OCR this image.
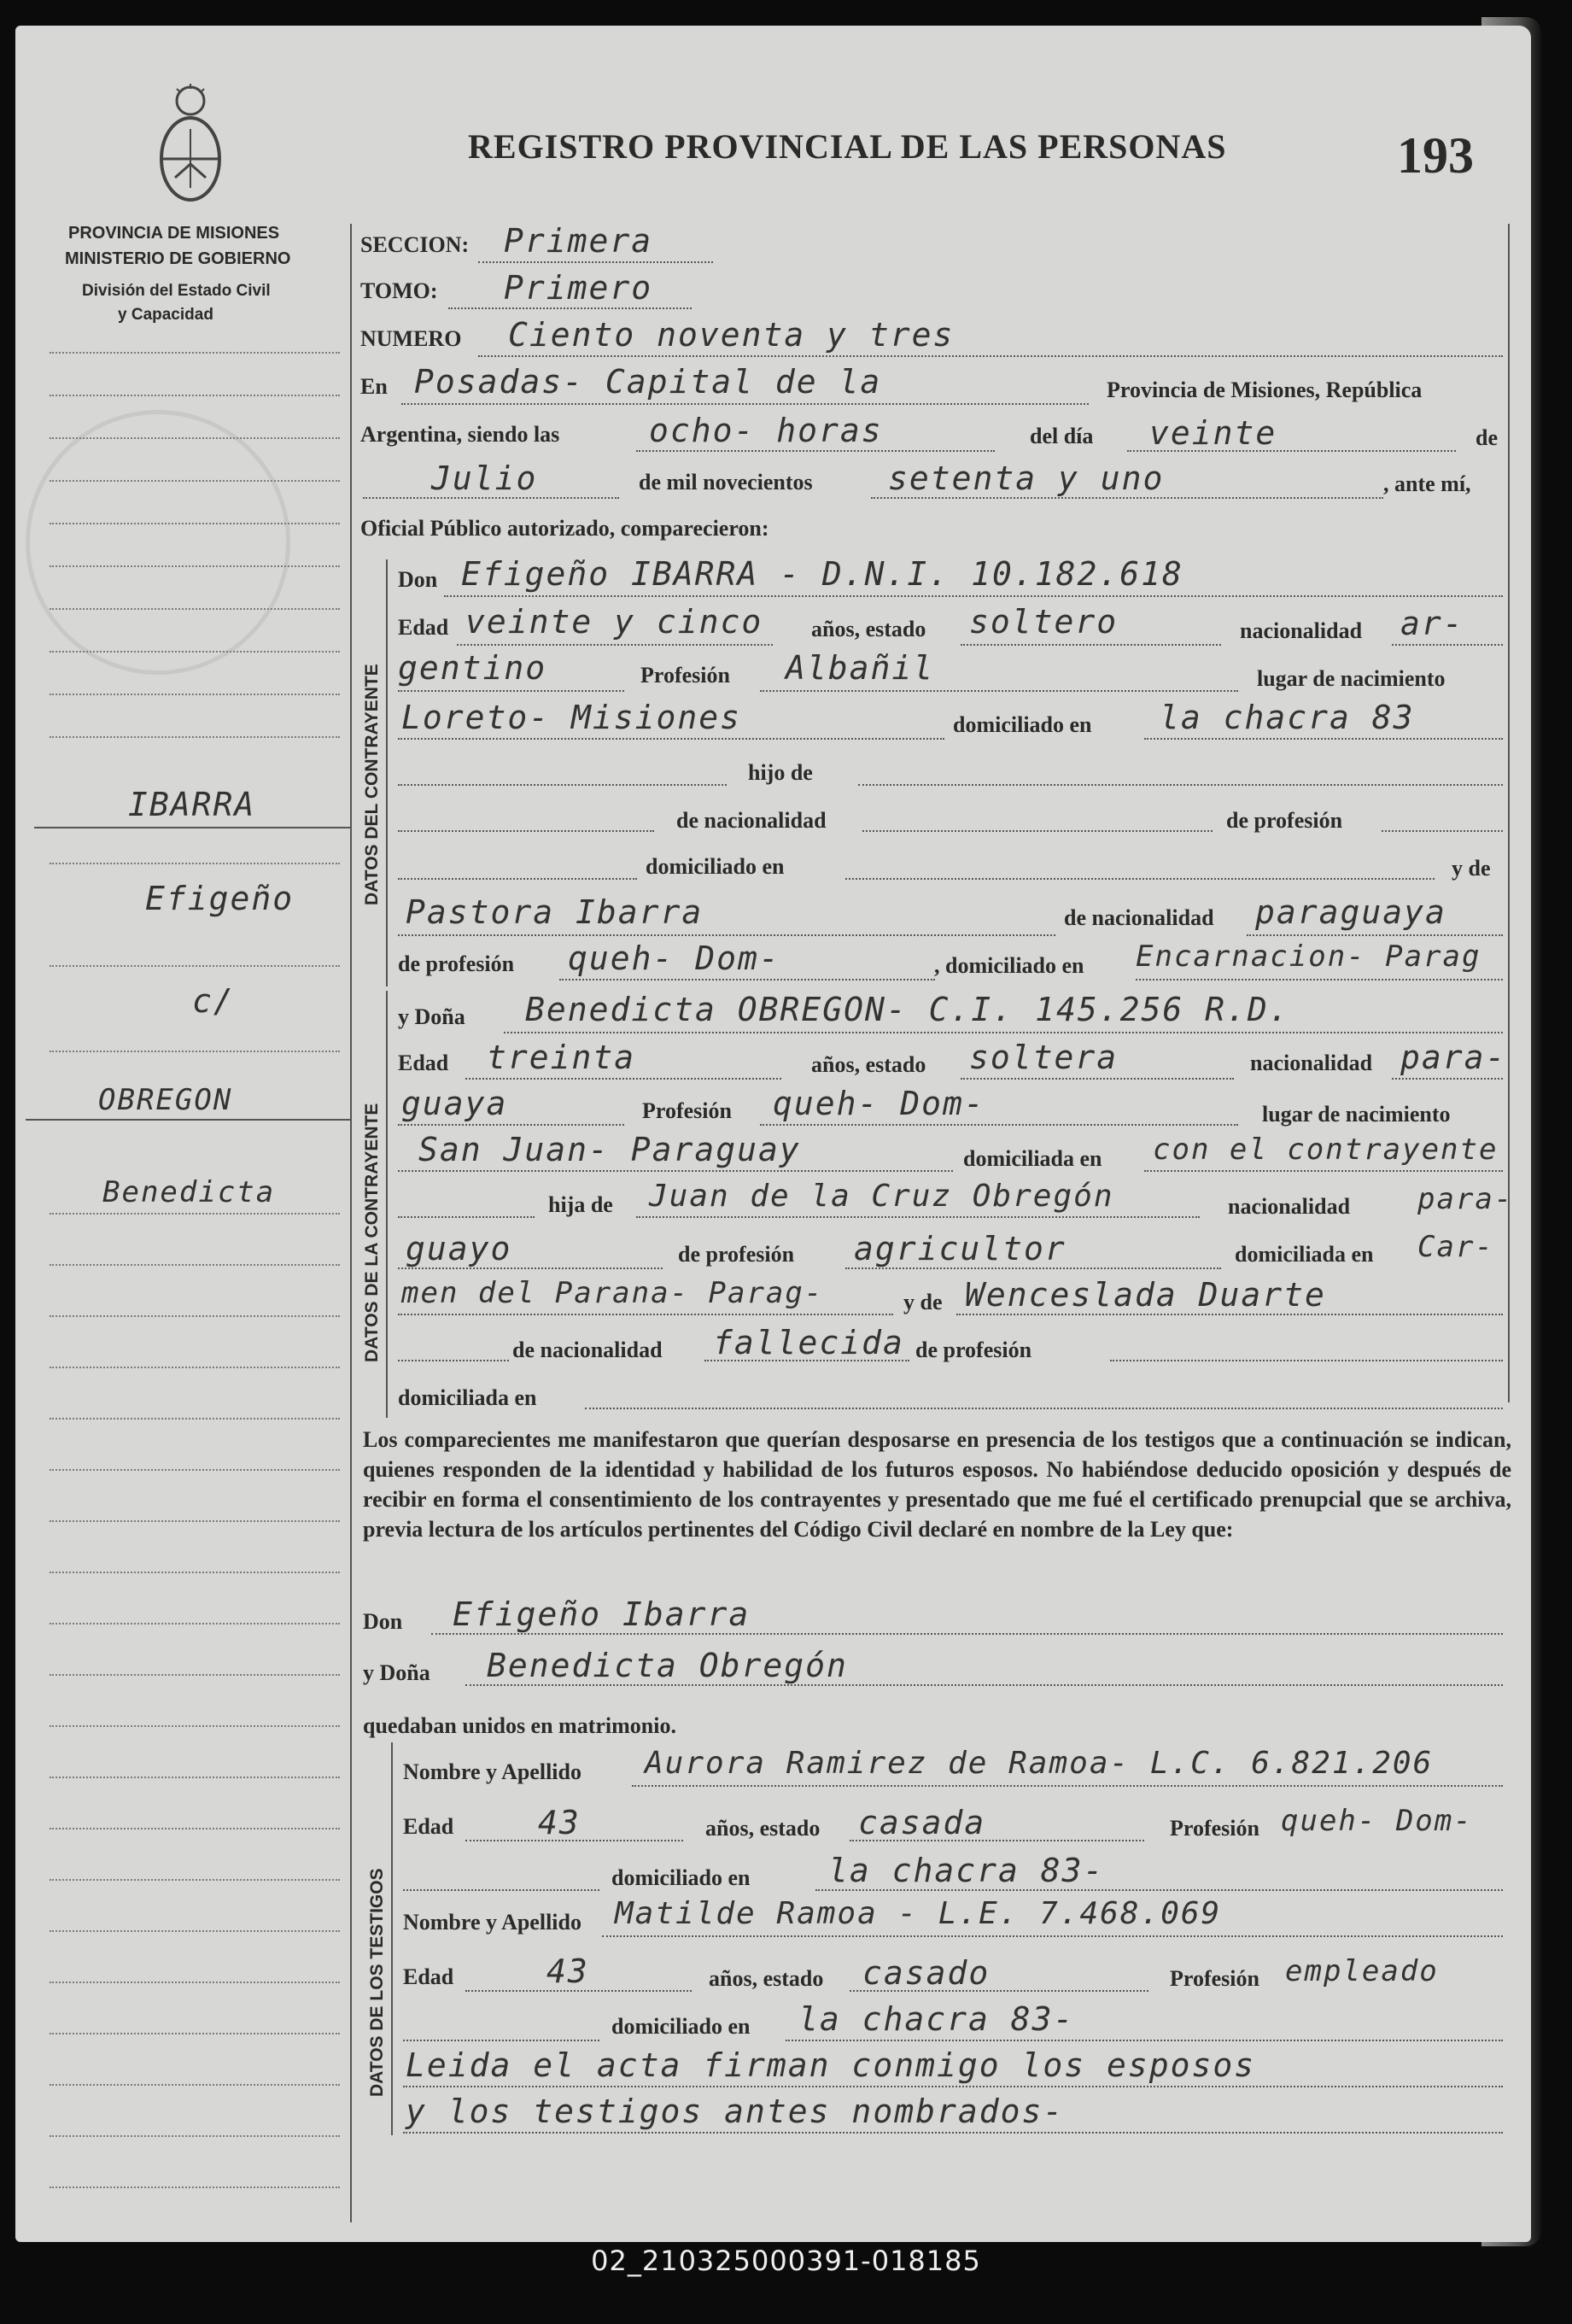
REGISTRO PROVINCIAL DE LAS PERSONAS	193
PROVINCIA DE MISIONES
MINISTERIO DE GOBIERNO
División del Estado Civil
y Capacidad
IBARRA
Efigeño
c/
OBREGON
Benedicta
DATOS DEL CONTRAYENTE
DATOS DE LA CONTRAYENTE
DATOS DE LOS TESTIGOS
SECCION: Primera
TOMO: Primero
NUMERO Ciento noventa y tres
En Posadas- Capital de la	Provincia de Misiones, República
Argentina, siendo las	ocho- horas	del día veinte	de
Julio	de mil novecientos setenta y uno	, ante mí,
Oficial Público autorizado, comparecieron:
Don Efigeño IBARRA - D.N.I. 10.182.618
Edad veinte y cinco años, estado soltero	nacionalidad ar-
gentino	Profesión Albañil	lugar de nacimiento
Loreto- Misiones	domiciliado en la chacra 83
hijo de
de nacionalidad	de profesión
domiciliado en	y de
Pastora Ibarra	de nacionalidad paraguaya
de profesión queh- Dom-	, domiciliado en Encarnacion- Parag
y Doña Benedicta OBREGON- C.I. 145.256 R.D.
Edad treinta	años, estado soltera	nacionalidad para-
guaya	Profesión queh- Dom-	lugar de nacimiento
San Juan- Paraguay	domiciliada en con el contrayente
hija de Juan de la Cruz Obregón	nacionalidad para-
guayo	de profesión agricultor	domiciliada en Car-
men del Parana- Parag-	y de Wenceslada Duarte
de nacionalidad fallecida de profesión
domiciliada en
Los comparecientes me manifestaron que querían desposarse en presencia de los testigos que a continuación se indican, quienes responden de la identidad y habilidad de los futuros esposos. No habiéndose deducido oposición y después de recibir en forma el consentimiento de los contrayentes y presentado que me fué el certificado prenupcial que se archiva, previa lectura de los artículos pertinentes del Código Civil declaré en nombre de la Ley que:
Don Efigeño Ibarra
y Doña Benedicta Obregón
quedaban unidos en matrimonio.
Nombre y Apellido Aurora Ramirez de Ramoa- L.C. 6.821.206
Edad	43	años, estado casada	Profesión queh- Dom-
domiciliado en la chacra 83-
Nombre y Apellido Matilde Ramoa - L.E. 7.468.069
Edad	43	años, estado casado	Profesión empleado
domiciliado en la chacra 83-
Leida el acta firman conmigo los esposos
y los testigos antes nombrados-
02_210325000391-018185
